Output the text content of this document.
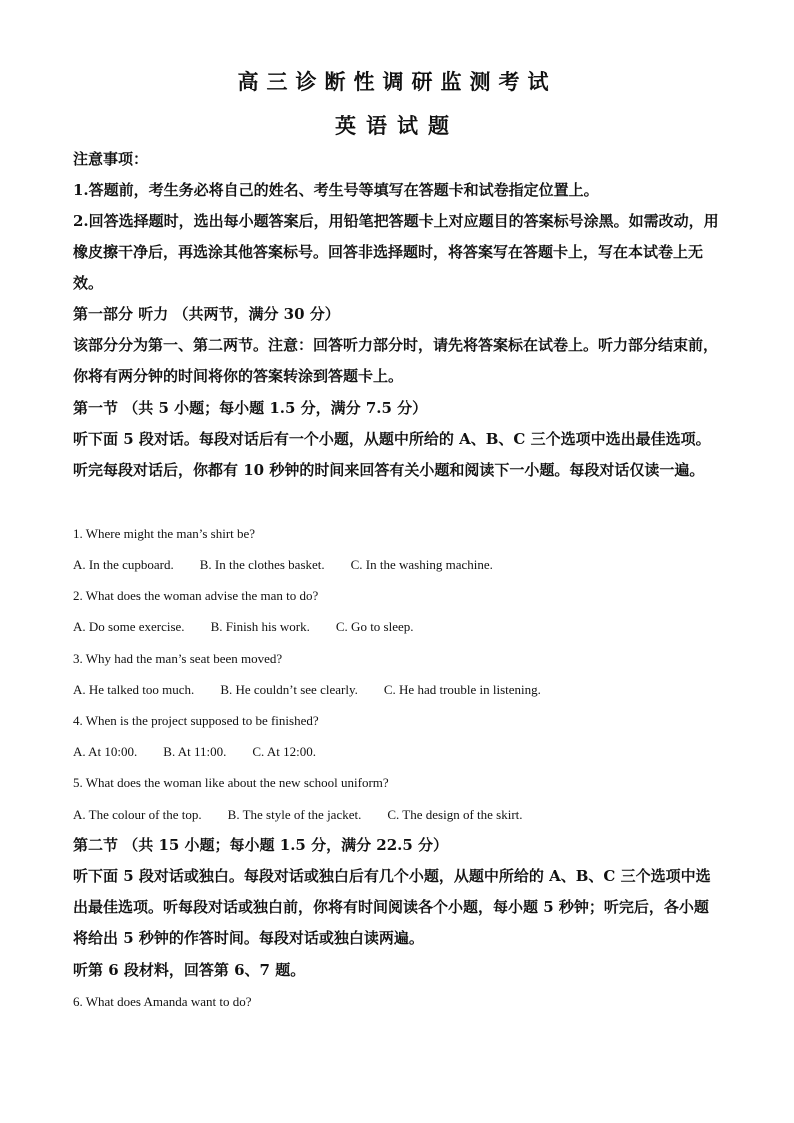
高三诊断性调研监测考试
英语试题
注意事项：
1.答题前，考生务必将自己的姓名、考生号等填写在答题卡和试卷指定位置上。
2.回答选择题时，选出每小题答案后，用铅笔把答题卡上对应题目的答案标号涂黑。如需改动，用橡皮擦干净后，再选涂其他答案标号。回答非选择题时，将答案写在答题卡上，写在本试卷上无效。
第一部分 听力 （共两节，满分 30 分）
该部分分为第一、第二两节。注意：回答听力部分时，请先将答案标在试卷上。听力部分结束前，你将有两分钟的时间将你的答案转涂到答题卡上。
第一节 （共 5 小题；每小题 1.5 分，满分 7.5 分）
听下面 5 段对话。每段对话后有一个小题，从题中所给的 A、B、C 三个选项中选出最佳选项。听完每段对话后，你都有 10 秒钟的时间来回答有关小题和阅读下一小题。每段对话仅读一遍。
1. Where might the man’s shirt be?
A. In the cupboard. B. In the clothes basket. C. In the washing machine.
2. What does the woman advise the man to do?
A. Do some exercise. B. Finish his work. C. Go to sleep.
3. Why had the man’s seat been moved?
A. He talked too much. B. He couldn’t see clearly. C. He had trouble in listening.
4. When is the project supposed to be finished?
A. At 10:00. B. At 11:00. C. At 12:00.
5. What does the woman like about the new school uniform?
A. The colour of the top. B. The style of the jacket. C. The design of the skirt.
第二节 （共 15 小题；每小题 1.5 分，满分 22.5 分）
听下面 5 段对话或独白。每段对话或独白后有几个小题，从题中所给的 A、B、C 三个选项中选出最佳选项。听每段对话或独白前，你将有时间阅读各个小题，每小题 5 秒钟；听完后，各小题将给出 5 秒钟的作答时间。每段对话或独白读两遍。
听第 6 段材料，回答第 6、7 题。
6. What does Amanda want to do?
